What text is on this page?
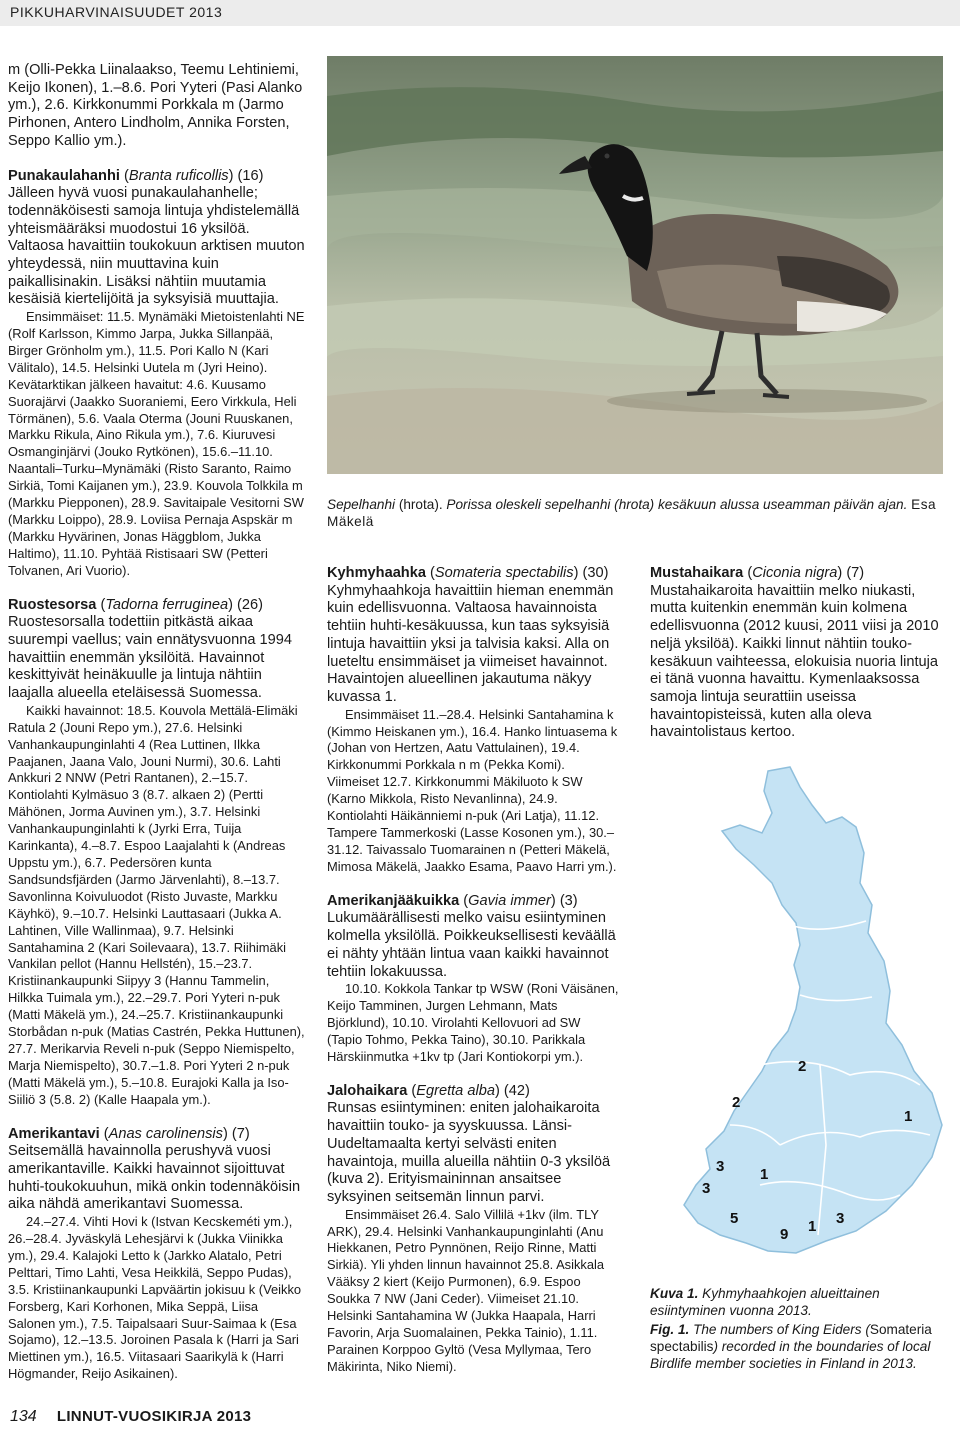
PIKKUHARVINAISUUDET 2013

m (Olli-Pekka Liinalaakso, Teemu Lehtiniemi, Keijo Ikonen), 1.–8.6. Pori Yyteri (Pasi Alanko ym.), 2.6. Kirkkonummi Porkkala m (Jarmo Pirhonen, Antero Lindholm, Annika Forsten, Seppo Kallio ym.).

Punakaulahanhi (Branta ruficollis) (16)
Jälleen hyvä vuosi punakaulahanhelle; todennäköisesti samoja lintuja yhdistelemällä yhteismääräksi muodostui 16 yksilöä. Valtaosa havaittiin toukokuun arktisen muuton yhteydessä, niin muuttavina kuin paikallisinakin. Lisäksi nähtiin muutamia kesäisiä kiertelijöitä ja syksyisiä muuttajia.

Ensimmäiset: 11.5. Mynämäki Mietoistenlahti NE (Rolf Karlsson, Kimmo Jarpa, Jukka Sillanpää, Birger Grönholm ym.), 11.5. Pori Kallo N (Kari Välitalo), 14.5. Helsinki Uutela m (Jyri Heino). Kevätarktikan jälkeen havaitut: 4.6. Kuusamo Suorajärvi (Jaakko Suoraniemi, Eero Virkkula, Heli Törmänen), 5.6. Vaala Oterma (Jouni Ruuskanen, Markku Rikula, Aino Rikula ym.), 7.6. Kiuruvesi Osmanginjärvi (Jouko Rytkönen), 15.6.–11.10. Naantali–Turku–Mynämäki (Risto Saranto, Raimo Sirkiä, Tomi Kaijanen ym.), 23.9. Kouvola Tolkkila m (Markku Piepponen), 28.9. Savitaipale Vesitorni SW (Markku Loippo), 28.9. Loviisa Pernaja Aspskär m (Markku Hyvärinen, Jonas Häggblom, Jukka Haltimo), 11.10. Pyhtää Ristisaari SW (Petteri Tolvanen, Ari Vuorio).

Ruostesorsa (Tadorna ferruginea) (26)
Ruostesorsalla todettiin pitkästä aikaa suurempi vaellus; vain ennätysvuonna 1994 havaittiin enemmän yksilöitä. Havainnot keskittyivät heinäkuulle ja lintuja nähtiin laajalla alueella eteläisessä Suomessa.

Kaikki havainnot: 18.5. Kouvola Mettälä-Elimäki Ratula 2 (Jouni Repo ym.), 27.6. Helsinki Vanhankaupunginlahti 4 (Rea Luttinen, Ilkka Paajanen, Jaana Valo, Jouni Nurmi), 30.6. Lahti Ankkuri 2 NNW (Petri Rantanen), 2.–15.7. Kontiolahti Kylmäsuo 3 (8.7. alkaen 2) (Pertti Mähönen, Jorma Auvinen ym.), 3.7. Helsinki Vanhankaupunginlahti k (Jyrki Erra, Tuija Karinkanta), 4.–8.7. Espoo Laajalahti k (Andreas Uppstu ym.), 6.7. Pedersören kunta Sandsundsfjärden (Jarmo Järvenlahti), 8.–13.7. Savonlinna Koivuluodot (Risto Juvaste, Markku Käyhkö), 9.–10.7. Helsinki Lauttasaari (Jukka A. Lahtinen, Ville Wallinmaa), 9.7. Helsinki Santahamina 2 (Kari Soilevaara), 13.7. Riihimäki Vankilan pellot (Hannu Hellstén), 15.–23.7. Kristiinankaupunki Siipyy 3 (Hannu Tammelin, Hilkka Tuimala ym.), 22.–29.7. Pori Yyteri n-puk (Matti Mäkelä ym.), 24.–25.7. Kristiinankaupunki Storbådan n-puk (Matias Castrén, Pekka Huttunen), 27.7. Merikarvia Reveli n-puk (Seppo Niemispelto, Marja Niemispelto), 30.7.–1.8. Pori Yyteri 2 n-puk (Matti Mäkelä ym.), 5.–10.8. Eurajoki Kalla ja Iso-Siiliö 3 (5.8. 2) (Kalle Haapala ym.).

Amerikantavi (Anas carolinensis) (7)
Seitsemällä havainnolla perushyvä vuosi amerikantaville. Kaikki havainnot sijoittuvat huhti-toukokuuhun, mikä onkin todennäköisin aika nähdä amerikantavi Suomessa.

24.–27.4. Vihti Hovi k (Istvan Kecskeméti ym.), 26.–28.4. Jyväskylä Lehesjärvi k (Jukka Viinikka ym.), 29.4. Kalajoki Letto k (Jarkko Alatalo, Petri Pelttari, Timo Lahti, Vesa Heikkilä, Seppo Pudas), 3.5. Kristiinankaupunki Lapväärtin jokisuu k (Veikko Forsberg, Kari Korhonen, Mika Seppä, Liisa Salonen ym.), 7.5. Taipalsaari Suur-Saimaa k (Esa Sojamo), 12.–13.5. Joroinen Pasala k (Harri ja Sari Miettinen ym.), 16.5. Viitasaari Saarikylä k (Harri Högmander, Reijo Asikainen).

Sepelhanhi (hrota). Porissa oleskeli sepelhanhi (hrota) kesäkuun alussa useamman päivän ajan. Esa Mäkelä

Kyhmyhaahka (Somateria spectabilis) (30)
Kyhmyhaahkoja havaittiin hieman enemmän kuin edellisvuonna. Valtaosa havainnoista tehtiin huhti-kesäkuussa, kun taas syksyisiä lintuja havaittiin yksi ja talvisia kaksi. Alla on lueteltu ensimmäiset ja viimeiset havainnot. Havaintojen alueellinen jakautuma näkyy kuvassa 1.

Ensimmäiset 11.–28.4. Helsinki Santahamina k (Kimmo Heiskanen ym.), 16.4. Hanko lintuasema k (Johan von Hertzen, Aatu Vattulainen), 19.4. Kirkkonummi Porkkala n m (Pekka Komi). Viimeiset 12.7. Kirkkonummi Mäkiluoto k SW (Karno Mikkola, Risto Nevanlinna), 24.9. Kontiolahti Häikänniemi n-puk (Ari Latja), 11.12. Tampere Tammerkoski (Lasse Kosonen ym.), 30.–31.12. Taivassalo Tuomarainen n (Petteri Mäkelä, Mimosa Mäkelä, Jaakko Esama, Paavo Harri ym.).

Amerikanjääkuikka (Gavia immer) (3)
Lukumäärällisesti melko vaisu esiintyminen kolmella yksilöllä. Poikkeuksellisesti keväällä ei nähty yhtään lintua vaan kaikki havainnot tehtiin lokakuussa.

10.10. Kokkola Tankar tp WSW (Roni Väisänen, Keijo Tamminen, Jurgen Lehmann, Mats Björklund), 10.10. Virolahti Kellovuori ad SW (Tapio Tohmo, Pekka Taino), 30.10. Parikkala Härskiinmutka +1kv tp (Jari Kontiokorpi ym.).

Jalohaikara (Egretta alba) (42)
Runsas esiintyminen: eniten jalohaikaroita havaittiin touko- ja syyskuussa. Länsi-Uudeltamaalta kertyi selvästi eniten havaintoja, muilla alueilla nähtiin 0-3 yksilöä (kuva 2). Erityismaininnan ansaitsee syksyinen seitsemän linnun parvi.

Ensimmäiset 26.4. Salo Villilä +1kv (ilm. TLY ARK), 29.4. Helsinki Vanhankaupunginlahti (Anu Hiekkanen, Petro Pynnönen, Reijo Rinne, Matti Sirkiä). Yli yhden linnun havainnot 25.8. Asikkala Vääksy 2 kiert (Keijo Purmonen), 6.9. Espoo Soukka 7 NW (Jani Ceder). Viimeiset 21.10. Helsinki Santahamina W (Jukka Haapala, Harri Favorin, Arja Suomalainen, Pekka Tainio), 1.11. Parainen Korppoo Gyltö (Vesa Myllymaa, Tero Mäkirinta, Niko Niemi).

Mustahaikara (Ciconia nigra) (7)
Mustahaikaroita havaittiin melko niukasti, mutta kuitenkin enemmän kuin kolmena edellisvuonna (2012 kuusi, 2011 viisi ja 2010 neljä yksilöä). Kaikki linnut nähtiin touko-kesäkuun vaihteessa, elokuisia nuoria lintuja ei tänä vuonna havaittu. Kymenlaaksossa samoja lintuja seurattiin useissa havaintopisteissä, kuten alla oleva havaintolistaus kertoo.

2
2
1
3 1
3
5	1 3
9

Kuva 1. Kyhmyhaahkojen alueittainen esiintyminen vuonna 2013.

Fig. 1. The numbers of King Eiders (Somateria spectabilis) recorded in the boundaries of local Birdlife member societies in Finland in 2013.

134 LINNUT-VUOSIKIRJA 2013
